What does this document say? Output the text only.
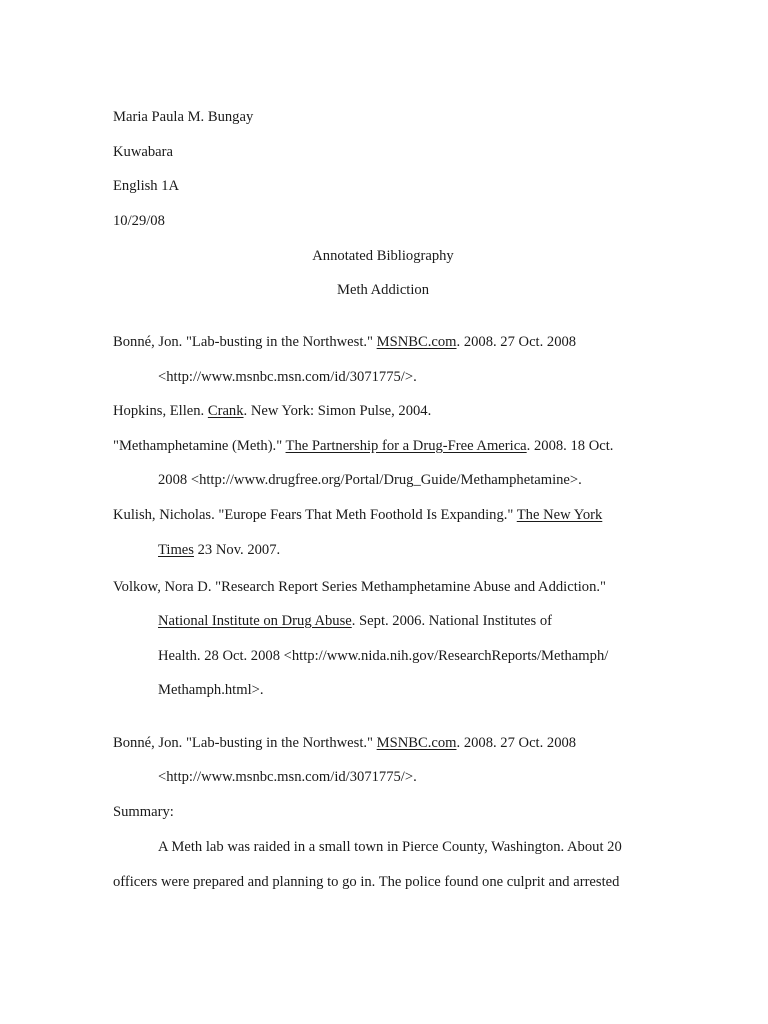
Maria Paula M. Bungay
Kuwabara
English 1A
10/29/08
Annotated Bibliography
Meth Addiction
Bonné, Jon. "Lab-busting in the Northwest." MSNBC.com. 2008. 27 Oct. 2008
<http://www.msnbc.msn.com/id/3071775/>.
Hopkins, Ellen. Crank. New York: Simon Pulse, 2004.
"Methamphetamine (Meth)." The Partnership for a Drug-Free America. 2008. 18 Oct.
2008 <http://www.drugfree.org/Portal/Drug_Guide/Methamphetamine>.
Kulish, Nicholas. "Europe Fears That Meth Foothold Is Expanding." The New York
Times 23 Nov. 2007.
Volkow, Nora D. "Research Report Series Methamphetamine Abuse and Addiction."
National Institute on Drug Abuse. Sept. 2006. National Institutes of
Health. 28 Oct. 2008 <http://www.nida.nih.gov/ResearchReports/Methamph/
Methamph.html>.
Bonné, Jon. "Lab-busting in the Northwest." MSNBC.com. 2008. 27 Oct. 2008
<http://www.msnbc.msn.com/id/3071775/>.
Summary:
A Meth lab was raided in a small town in Pierce County, Washington. About 20
officers were prepared and planning to go in. The police found one culprit and arrested
